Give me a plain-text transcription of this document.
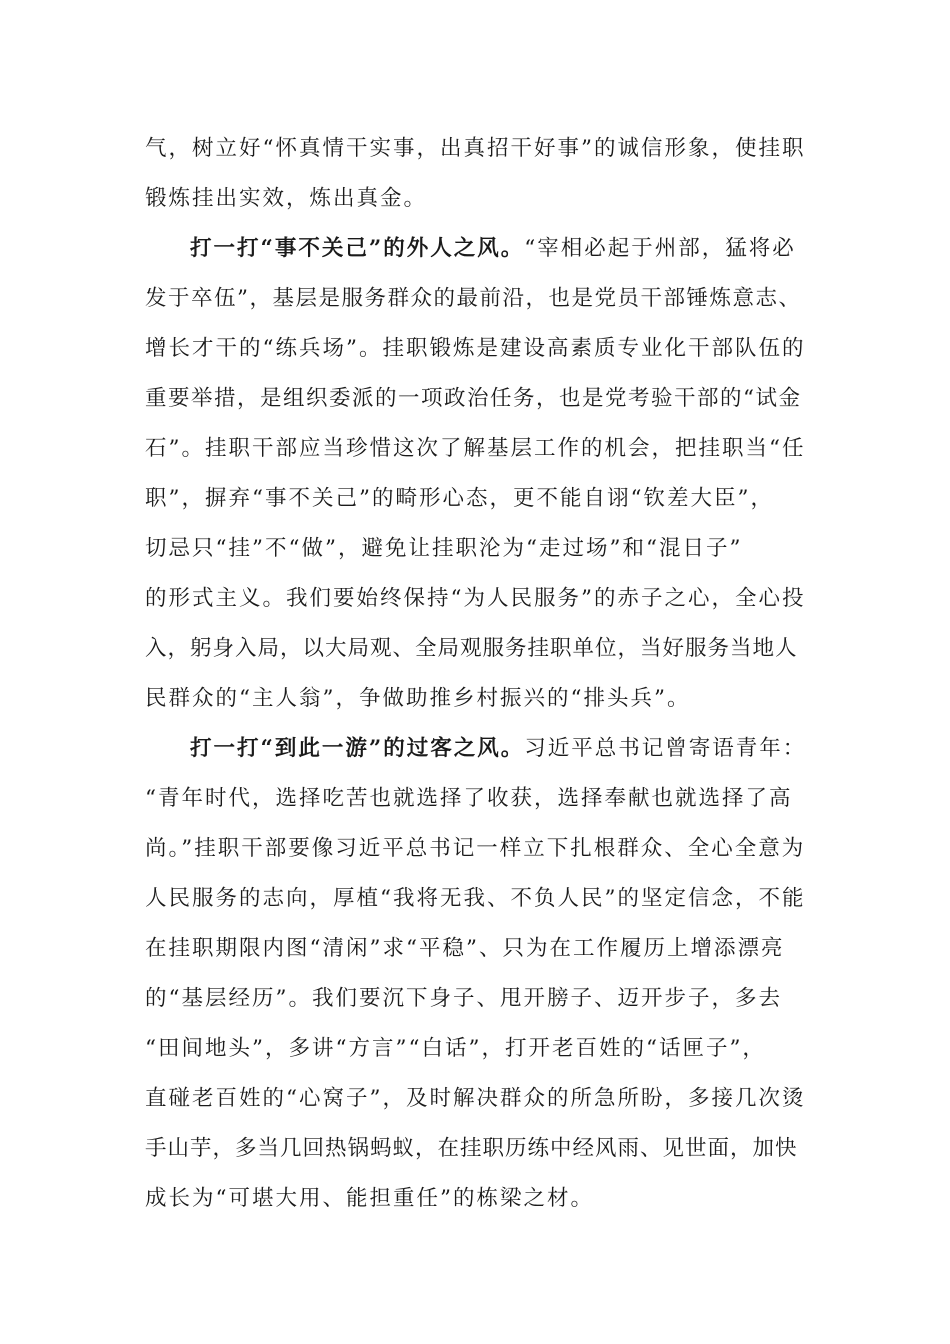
气，树立好“怀真情干实事，出真招干好事”的诚信形象，使挂职
锻炼挂出实效，炼出真金。
打一打“事不关己”的外人之风。“宰相必起于州部，猛将必
发于卒伍”，基层是服务群众的最前沿，也是党员干部锤炼意志、
增长才干的“练兵场”。挂职锻炼是建设高素质专业化干部队伍的
重要举措，是组织委派的一项政治任务，也是党考验干部的“试金
石”。挂职干部应当珍惜这次了解基层工作的机会，把挂职当“任
职”，摒弃“事不关己”的畸形心态，更不能自诩“钦差大臣”，
切忌只“挂”不“做”，避免让挂职沦为“走过场”和“混日子”
的形式主义。我们要始终保持“为人民服务”的赤子之心，全心投
入，躬身入局，以大局观、全局观服务挂职单位，当好服务当地人
民群众的“主人翁”，争做助推乡村振兴的“排头兵”。
打一打“到此一游”的过客之风。习近平总书记曾寄语青年：
“青年时代，选择吃苦也就选择了收获，选择奉献也就选择了高
尚。”挂职干部要像习近平总书记一样立下扎根群众、全心全意为
人民服务的志向，厚植“我将无我、不负人民”的坚定信念，不能
在挂职期限内图“清闲”求“平稳”、只为在工作履历上增添漂亮
的“基层经历”。我们要沉下身子、甩开膀子、迈开步子，多去
“田间地头”，多讲“方言”“白话”，打开老百姓的“话匣子”，
直碰老百姓的“心窝子”，及时解决群众的所急所盼，多接几次烫
手山芋，多当几回热锅蚂蚁，在挂职历练中经风雨、见世面，加快
成长为“可堪大用、能担重任”的栋梁之材。
